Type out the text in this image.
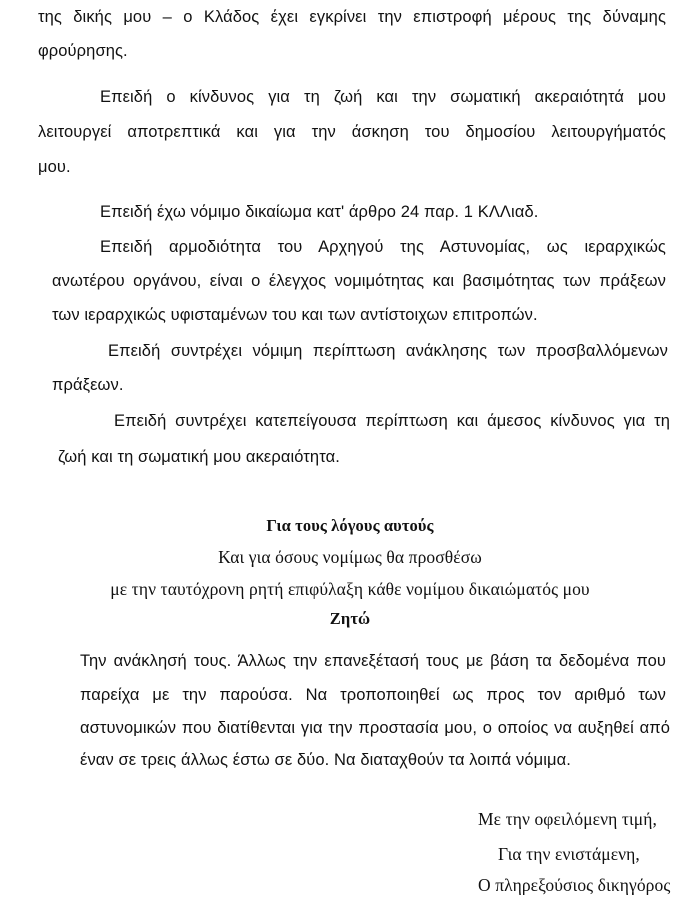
της δικής μου – ο Κλάδος έχει εγκρίνει την επιστροφή μέρους της δύναμης
φρούρησης.
Επειδή ο κίνδυνος για τη ζωή και την σωματική ακεραιότητά μου
λειτουργεί αποτρεπτικά και για την άσκηση του δημοσίου λειτουργήματός
μου.
Επειδή έχω νόμιμο δικαίωμα κατ' άρθρο 24 παρ. 1 ΚΛΛιαδ.
Επειδή αρμοδιότητα του Αρχηγού της Αστυνομίας, ως ιεραρχικώς
ανωτέρου οργάνου, είναι ο έλεγχος νομιμότητας και βασιμότητας των πράξεων
των ιεραρχικώς υφισταμένων του και των αντίστοιχων επιτροπών.
Επειδή συντρέχει νόμιμη περίπτωση ανάκλησης των προσβαλλόμενων
πράξεων.
Επειδή συντρέχει κατεπείγουσα περίπτωση και άμεσος κίνδυνος για τη
ζωή και τη σωματική μου ακεραιότητα.
Για τους λόγους αυτούς
Και για όσους νομίμως θα προσθέσω
με την ταυτόχρονη ρητή επιφύλαξη κάθε νομίμου δικαιώματός μου
Ζητώ
Την ανάκλησή τους. Άλλως την επανεξέτασή τους με βάση τα δεδομένα που
παρείχα με την παρούσα. Να τροποποιηθεί ως προς τον αριθμό των
αστυνομικών που διατίθενται για την προστασία μου, ο οποίος να αυξηθεί από
έναν σε τρεις άλλως έστω σε δύο. Να διαταχθούν τα λοιπά νόμιμα.
Με την οφειλόμενη τιμή,
Για την ενιστάμενη,
Ο πληρεξούσιος δικηγόρος
